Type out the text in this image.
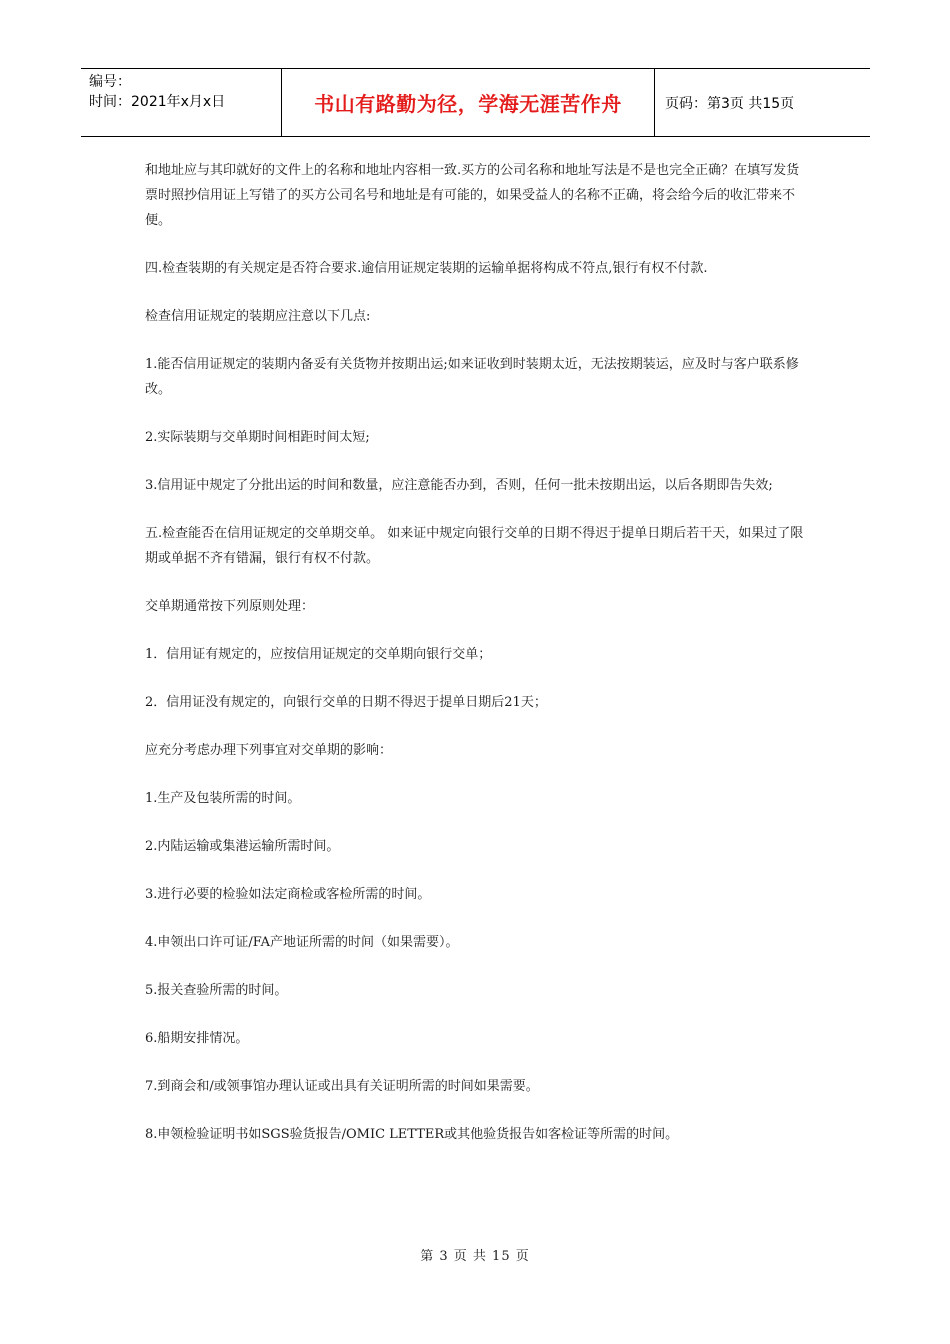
编号：
时间：2021年x月x日	书山有路勤为径，学海无涯苦作舟	页码：第3页 共15页

和地址应与其印就好的文件上的名称和地址内容相一致.买方的公司名称和地址写法是不是也完全正确？在填写发货票时照抄信用证上写错了的买方公司名号和地址是有可能的，如果受益人的名称不正确，将会给今后的收汇带来不便。

四.检查装期的有关规定是否符合要求.逾信用证规定装期的运输单据将构成不符点,银行有权不付款.

检查信用证规定的装期应注意以下几点:

1.能否信用证规定的装期内备妥有关货物并按期出运;如来证收到时装期太近，无法按期装运，应及时与客户联系修改。

2.实际装期与交单期时间相距时间太短;

3.信用证中规定了分批出运的时间和数量，应注意能否办到，否则，任何一批未按期出运，以后各期即告失效;

五.检查能否在信用证规定的交单期交单。 如来证中规定向银行交单的日期不得迟于提单日期后若干天，如果过了限期或单据不齐有错漏，银行有权不付款。

交单期通常按下列原则处理：

1．信用证有规定的，应按信用证规定的交单期向银行交单；

2．信用证没有规定的，向银行交单的日期不得迟于提单日期后21天；

应充分考虑办理下列事宜对交单期的影响：

1.生产及包装所需的时间。

2.内陆运输或集港运输所需时间。

3.进行必要的检验如法定商检或客检所需的时间。

4.申领出口许可证/FA产地证所需的时间（如果需要）。

5.报关查验所需的时间。

6.船期安排情况。

7.到商会和/或领事馆办理认证或出具有关证明所需的时间如果需要。

8.申领检验证明书如SGS验货报告/OMIC LETTER或其他验货报告如客检证等所需的时间。

第 3 页 共 15 页
